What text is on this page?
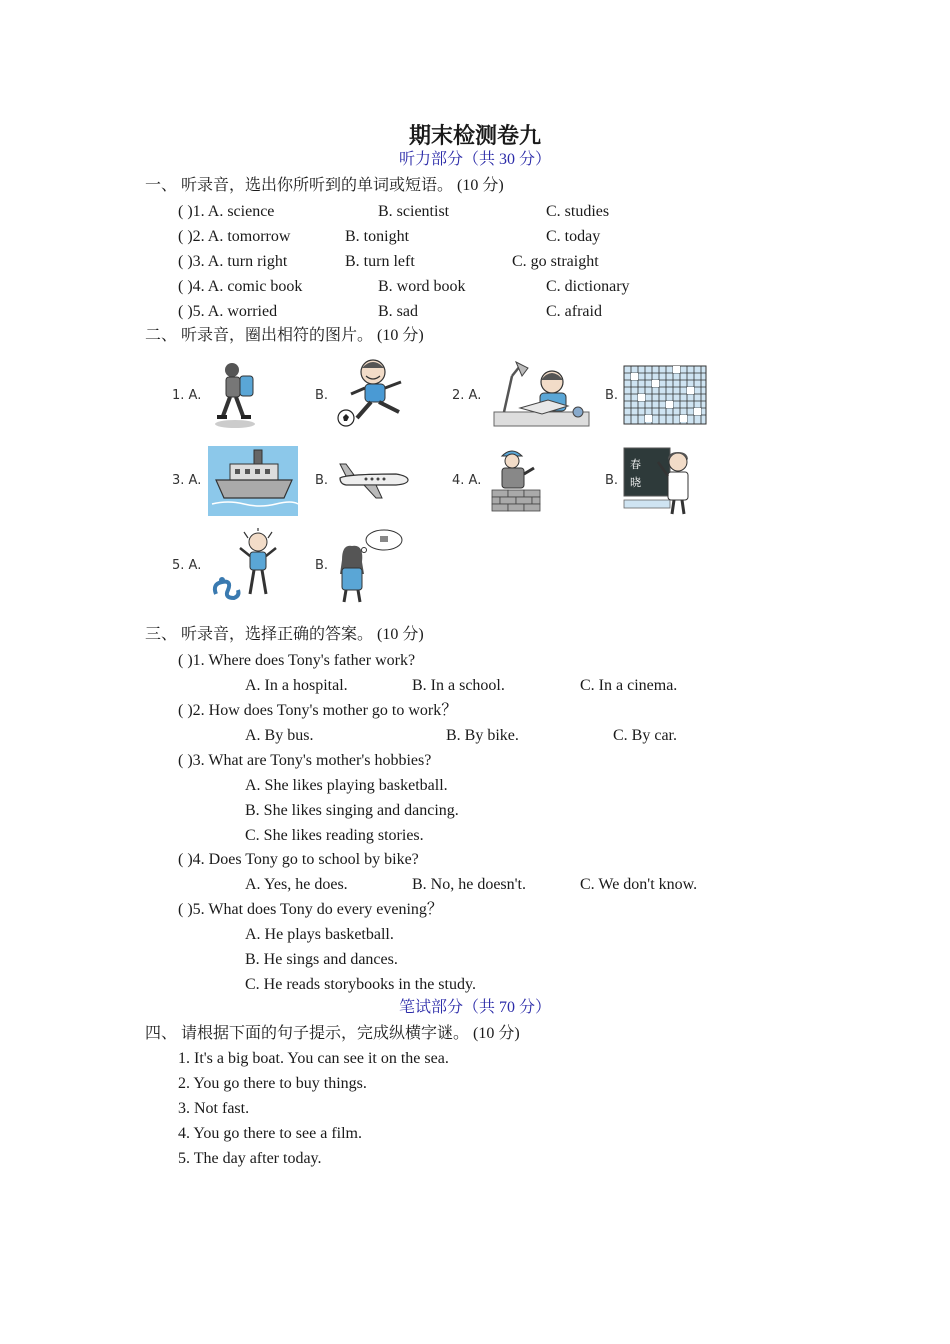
期末检测卷九
听力部分（共 30 分）
一、 听录音，选出你所听到的单词或短语。 (10 分)
( )1. A. science	B. scientist	C. studies
( )2. A. tomorrow	B. tonight	C. today
( )3. A. turn right	B. turn left	C. go straight
( )4. A. comic book	B. word book	C. dictionary
( )5. A. worried	B. sad	C. afraid
二、 听录音，圈出相符的图片。 (10 分)
1. A.	B.	2. A.	B.
3. A.	B.	4. A.	B.
5. A.	B.
春
晓
三、 听录音，选择正确的答案。 (10 分)
( )1. Where does Tony's father work?
A. In a hospital.	B. In a school.	C. In a cinema.
( )2. How does Tony's mother go to work？
A. By bus.	B. By bike.	C. By car.
( )3. What are Tony's mother's hobbies?
A. She likes playing basketball.
B. She likes singing and dancing.
C. She likes reading stories.
( )4. Does Tony go to school by bike?
A. Yes, he does.	B. No, he doesn't.	C. We don't know.
( )5. What does Tony do every evening？
A. He plays basketball.
B. He sings and dances.
C. He reads storybooks in the study.
笔试部分（共 70 分）
四、 请根据下面的句子提示，完成纵横字谜。 (10 分)
1. It's a big boat. You can see it on the sea.
2. You go there to buy things.
3. Not fast.
4. You go there to see a film.
5. The day after today.
